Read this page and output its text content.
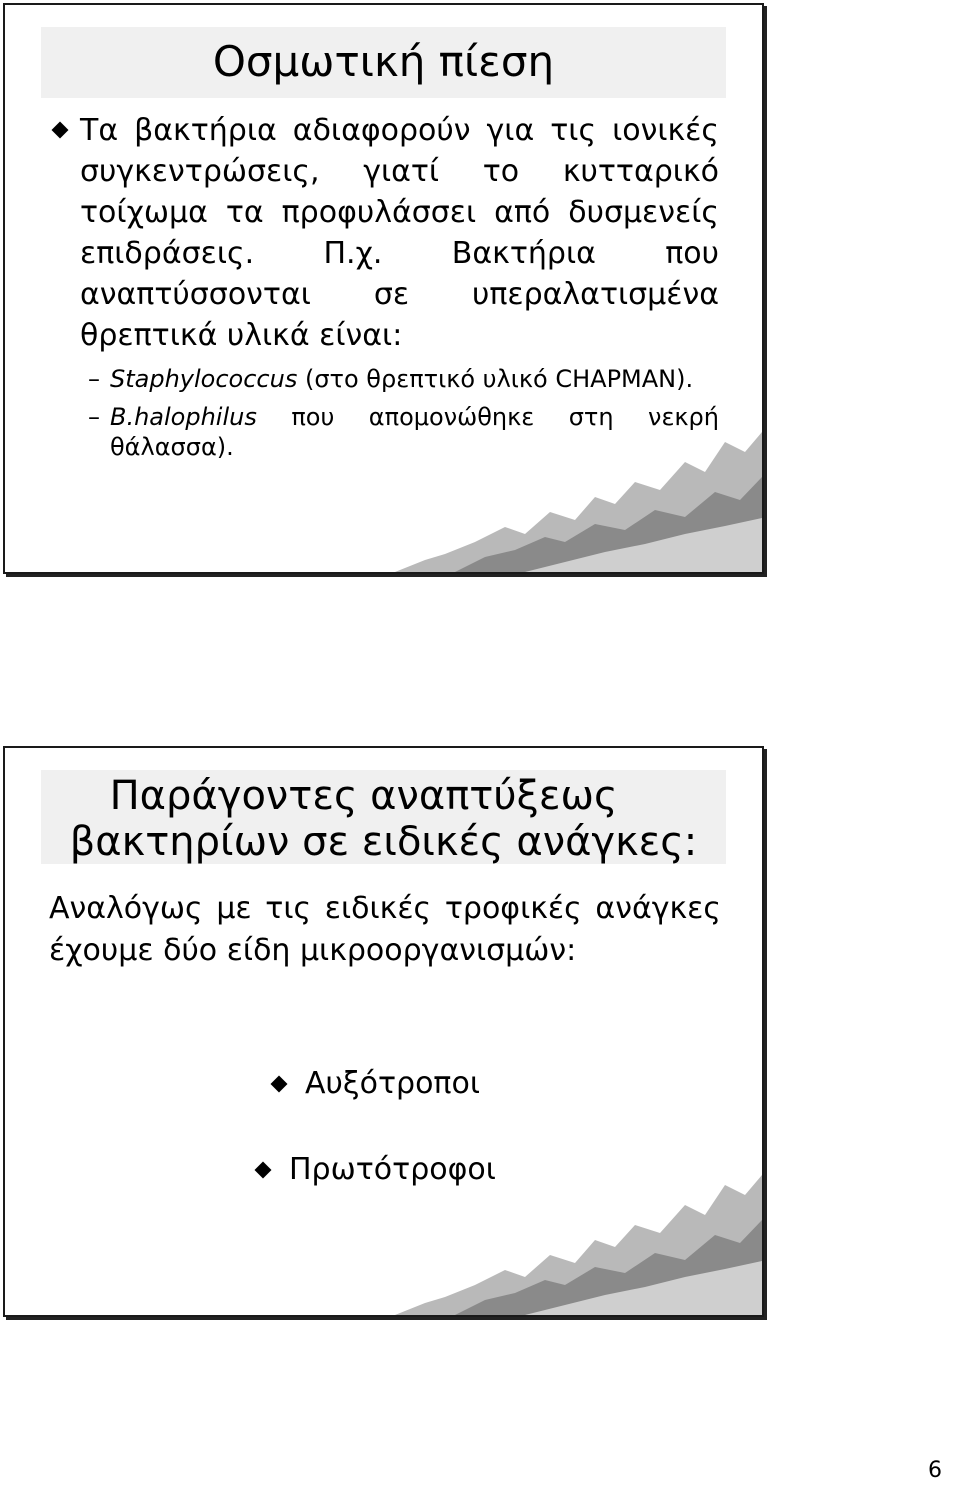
Οσμωτική πίεση
Τα βακτήρια αδιαφορούν για τις ιονικές συγκεντρώσεις, γιατί το κυτταρικό τοίχωμα τα προφυλάσσει από δυσμενείς επιδράσεις. Π.χ. Βακτήρια που αναπτύσσονται σε υπεραλατισμένα θρεπτικά υλικά είναι:
– Staphylococcus (στο θρεπτικό υλικό CHAPMAN).
– B.halophilus που απομονώθηκε στη νεκρή θάλασσα).
Παράγοντες αναπτύξεως
βακτηρίων σε ειδικές ανάγκες:
Αναλόγως με τις ειδικές τροφικές ανάγκες έχουμε δύο είδη μικροοργανισμών:
Αυξότροποι
Πρωτότροφοι
6
